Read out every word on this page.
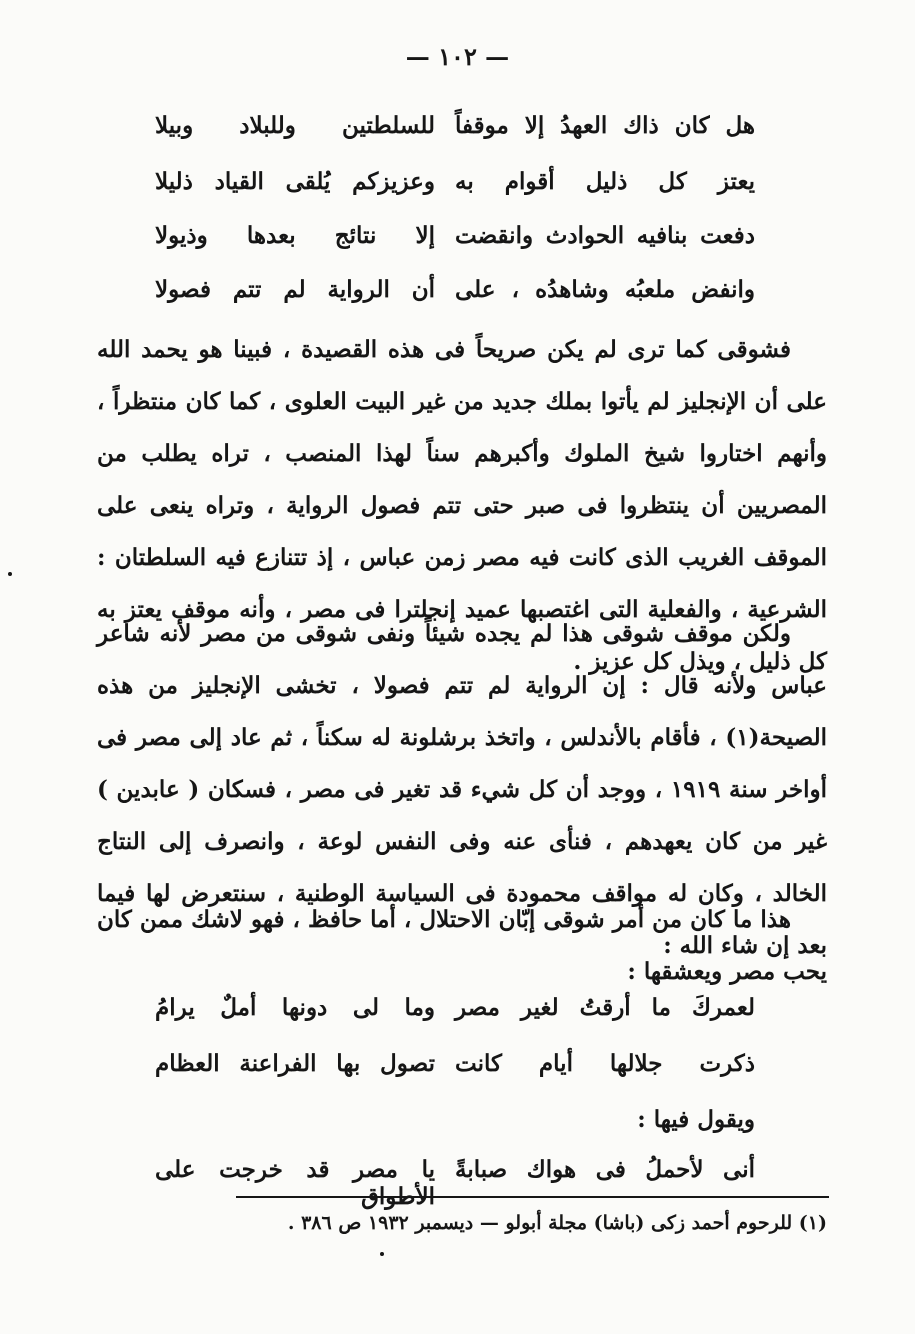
— ١٠٢ —
هل كان ذاك العهدُ إلا موقفاً
للسلطتين وللبلاد وبيلا
يعتز كل ذليل أقوام به
وعزيزكم يُلقى القياد ذليلا
دفعت بنافيه الحوادث وانقضت
إلا نتائج بعدها وذيولا
وانفض ملعبُه وشاهدُه ، على
أن الرواية لم تتم فصولا

فشوقى كما ترى لم يكن صريحاً فى هذه القصيدة ، فبينا هو يحمد الله على أن الإنجليز لم يأتوا بملك جديد من غير البيت العلوى ، كما كان منتظراً ، وأنهم اختاروا شيخ الملوك وأكبرهم سناً لهذا المنصب ، تراه يطلب من المصريين أن ينتظروا فى صبر حتى تتم فصول الرواية ، وتراه ينعى على الموقف الغريب الذى كانت فيه مصر زمن عباس ، إذ تتنازع فيه السلطتان : الشرعية ، والفعلية التى اغتصبها عميد إنجلترا فى مصر ، وأنه موقف يعتز به كل ذليل ، ويذل كل عزيز .

ولكن موقف شوقى هذا لم يجده شيئاً ونفى شوقى من مصر لأنه شاعر عباس ولأنه قال : إن الرواية لم تتم فصولا ، تخشى الإنجليز من هذه الصيحة(١) ، فأقام بالأندلس ، واتخذ برشلونة له سكناً ، ثم عاد إلى مصر فى أواخر سنة ١٩١٩ ، ووجد أن كل شيء قد تغير فى مصر ، فسكان ( عابدين ) غير من كان يعهدهم ، فنأى عنه وفى النفس لوعة ، وانصرف إلى النتاج الخالد ، وكان له مواقف محمودة فى السياسة الوطنية ، سنتعرض لها فيما بعد إن شاء الله :

هذا ما كان من أمر شوقى إبّان الاحتلال ، أما حافظ ، فهو لاشك ممن كان يحب مصر ويعشقها :

لعمركَ ما أرقتُ لغير مصر
وما لى دونها أملٌ يرامُ
ذكرت جلالها أيام كانت
تصول بها الفراعنة العظام
ويقول فيها :
أنى لأحملُ فى هواك صبابةً
يا مصر قد خرجت على الأطواق
(١) للرحوم أحمد زكى (باشا) مجلة أبولو — ديسمبر ١٩٣٢ ص ٣٨٦ .
